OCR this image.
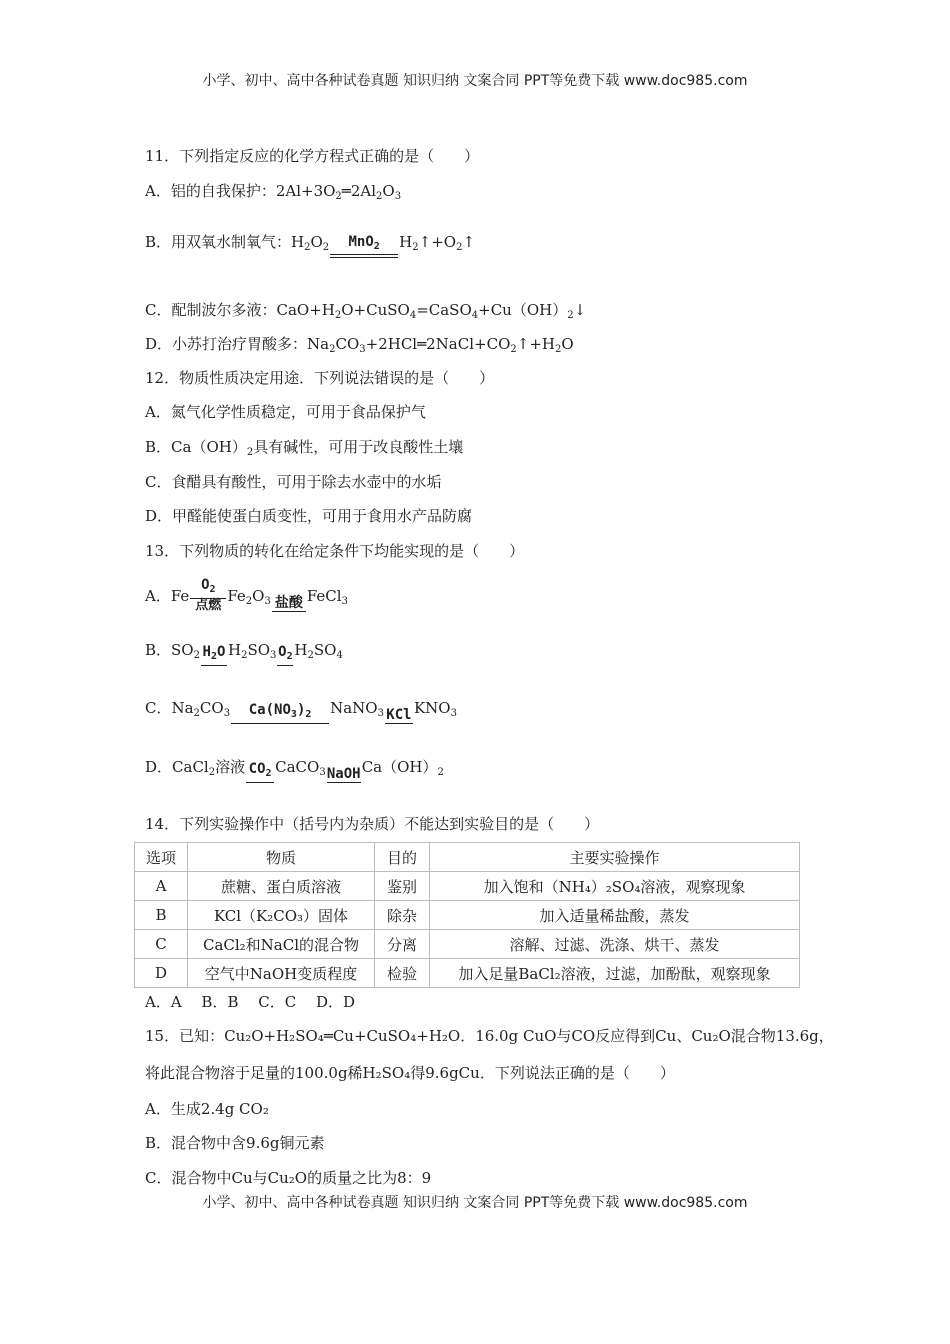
小学、初中、高中各种试卷真题 知识归纳 文案合同 PPT等免费下载 www.doc985.com
11．下列指定反应的化学方程式正确的是（　　）
A．铝的自我保护：$2Al+3O_2═2Al_2O_3$
B．用双氧水制氧气：$H_2O_2$	MnO$_2$	$H_2↑+O_2↑$
C．配制波尔多液：$CaO+H_2O+CuSO_4=CaSO_4+Cu(OH)_2↓$
D．小苏打治疗胃酸多：$Na_2CO_3+2HCl═2NaCl+CO_2↑+H_2O$
12．物质性质决定用途．下列说法错误的是（　　）
A．氮气化学性质稳定，可用于食品保护气
B．$Ca(OH)_2$具有碱性，可用于改良酸性土壤
C．食醋具有酸性，可用于除去水壶中的水垢
D．甲醛能使蛋白质变性，可用于食用水产品防腐
13．下列物质的转化在给定条件下均能实现的是（　　）
A．Fe
$O_2$
点燃
$Fe_2O_3$ 盐酸 FeCl$_3$
B．$SO_2$ $H_2O$ $H_2SO_3$ $O_2$ $H_2SO_4$
C．$Na_2CO_3$	$Ca(NO_3)_2$	NaNO$_3$ KCl $KNO_3$
D．CaCl$_2$溶液 $CO_2$ CaCO$_3$ NaOH $Ca(OH)_2$
14．下列实验操作中（括号内为杂质）不能达到实验目的是（　　）
选项	物质	目的	主要实验操作
A	蔗糖、蛋白质溶液	鉴别	加入饱和（NH₄）₂SO₄溶液，观察现象
B	KCl（K₂CO₃）固体	除杂	加入适量稀盐酸，蒸发
C	CaCl₂和NaCl的混合物	分离	溶解、过滤、洗涤、烘干、蒸发
D	空气中NaOH变质程度	检验	加入足量BaCl₂溶液，过滤，加酚酞，观察现象
A．A　 B．B　 C．C　 D．D
15．已知：Cu₂O+H₂SO₄═Cu+CuSO₄+H₂O．16.0g CuO与CO反应得到Cu、Cu₂O混合物13.6g，
将此混合物溶于足量的100.0g稀H₂SO₄得9.6gCu．下列说法正确的是（　　）
A．生成2.4g CO₂
B．混合物中含9.6g铜元素
C．混合物中Cu与Cu₂O的质量之比为8：9
小学、初中、高中各种试卷真题 知识归纳 文案合同 PPT等免费下载 www.doc985.com
